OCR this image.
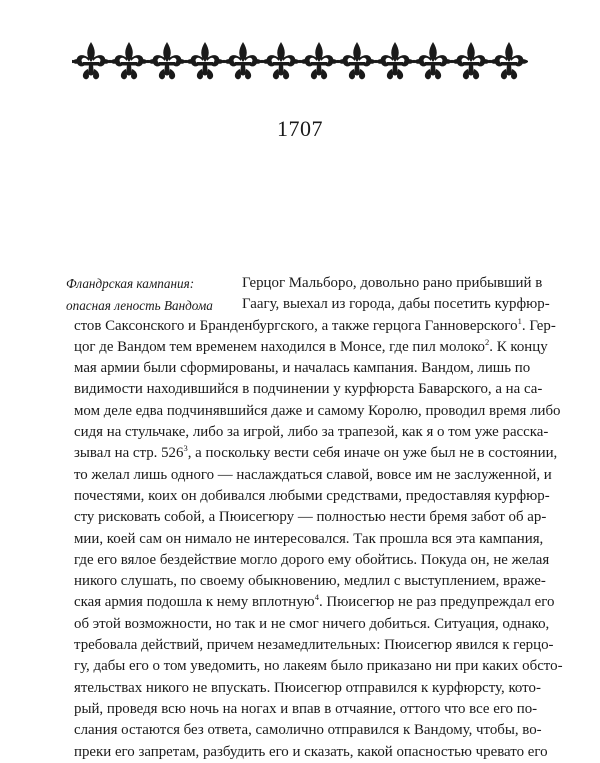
1707
Фландрская кампания:
опасная леность Вандома
Герцог Мальборо, довольно рано прибывший в
Гаагу, выехал из города, дабы посетить курфюр-
стов Саксонского и Бранденбургского, а также герцога Ганноверского$^1$. Гер-
цог де Вандом тем временем находился в Монсе, где пил молоко$^2$. К концу
мая армии были сформированы, и началась кампания. Вандом, лишь по
видимости находившийся в подчинении у курфюрста Баварского, а на са-
мом деле едва подчинявшийся даже и самому Королю, проводил время либо
сидя на стульчаке, либо за игрой, либо за трапезой, как я о том уже расска-
зывал на стр. $526^3$, а поскольку вести себя иначе он уже был не в состоянии,
то желал лишь одного — наслаждаться славой, вовсе им не заслуженной, и
почестями, коих он добивался любыми средствами, предоставляя курфюр-
сту рисковать собой, а Пюисегюру — полностью нести бремя забот об ар-
мии, коей сам он нимало не интересовался. Так прошла вся эта кампания,
где его вялое бездействие могло дорого ему обойтись. Покуда он, не желая
никого слушать, по своему обыкновению, медлил с выступлением, враже-
ская армия подошла к нему вплотную$^4$. Пюисегюр не раз предупреждал его
об этой возможности, но так и не смог ничего добиться. Ситуация, однако,
требовала действий, причем незамедлительных: Пюисегюр явился к герцо-
гу, дабы его о том уведомить, но лакеям было приказано ни при каких обсто-
ятельствах никого не впускать. Пюисегюр отправился к курфюрсту, кото-
рый, проведя всю ночь на ногах и впав в отчаяние, оттого что все его по-
слания остаются без ответа, самолично отправился к Вандому, чтобы, во-
преки его запретам, разбудить его и сказать, какой опасностью чревато его
